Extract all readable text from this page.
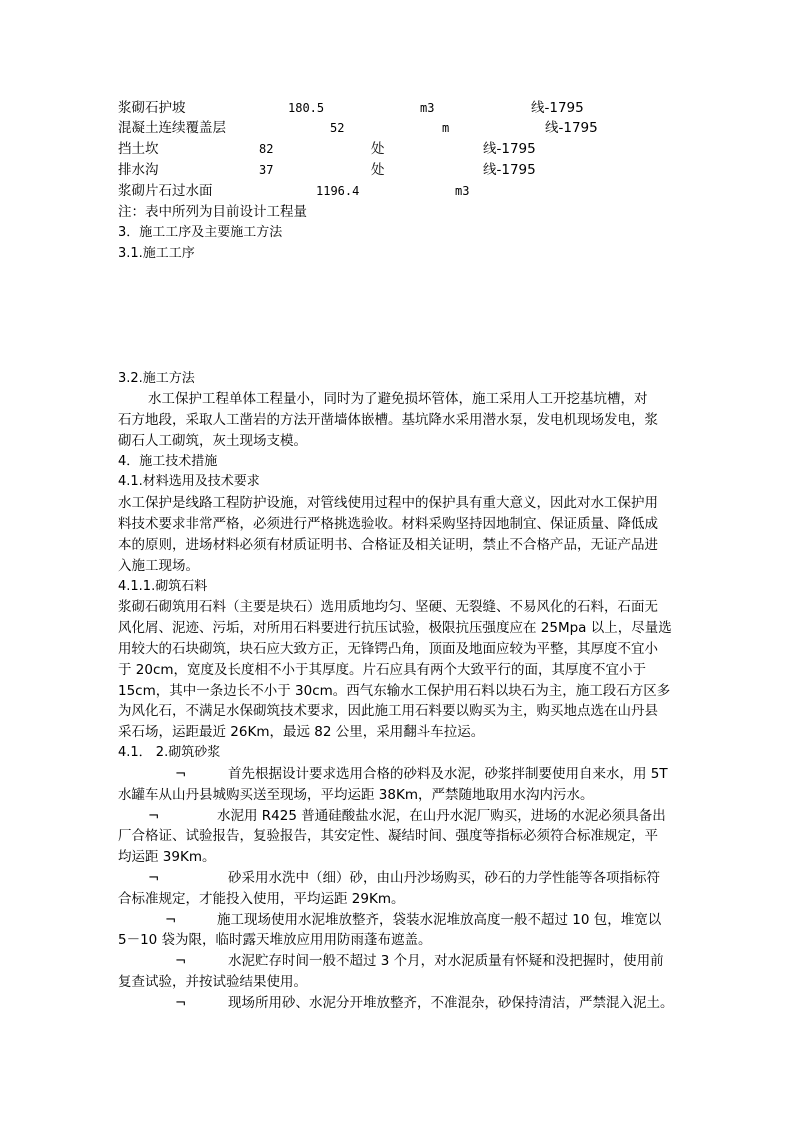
浆砌石护坡	180.5	m3	线-1795
混凝土连续覆盖层	52	m	线-1795
挡土坎	82	处	线-1795
排水沟	37	处	线-1795
浆砌片石过水面	1196.4	m3
注：表中所列为目前设计工程量
3．施工工序及主要施工方法
3.1.施工工序
3.2.施工方法
水工保护工程单体工程量小，同时为了避免损坏管体，施工采用人工开挖基坑槽，对
石方地段，采取人工凿岩的方法开凿墙体嵌槽。基坑降水采用潜水泵，发电机现场发电，浆
砌石人工砌筑，灰土现场支模。
4．施工技术措施
4.1.材料选用及技术要求
水工保护是线路工程防护设施，对管线使用过程中的保护具有重大意义，因此对水工保护用
料技术要求非常严格，必须进行严格挑选验收。材料采购坚持因地制宜、保证质量、降低成
本的原则，进场材料必须有材质证明书、合格证及相关证明，禁止不合格产品，无证产品进
入施工现场。
4.1.1.砌筑石料
浆砌石砌筑用石料（主要是块石）选用质地均匀、坚硬、无裂缝、不易风化的石料，石面无
风化屑、泥迹、污垢，对所用石料要进行抗压试验，极限抗压强度应在 25Mpa 以上，尽量选
用较大的石块砌筑，块石应大致方正，无锋锷凸角，顶面及地面应较为平整，其厚度不宜小
于 20cm，宽度及长度相不小于其厚度。片石应具有两个大致平行的面，其厚度不宜小于
15cm，其中一条边长不小于 30cm。西气东输水工保护用石料以块石为主，施工段石方区多
为风化石，不满足水保砌筑技术要求，因此施工用石料要以购买为主，购买地点选在山丹县
采石场，运距最近 26Km，最远 82 公里，采用翻斗车拉运。
4.1． 2.砌筑砂浆
¬	首先根据设计要求选用合格的砂料及水泥，砂浆拌制要使用自来水，用 5T
水罐车从山丹县城购买送至现场，平均运距 38Km，严禁随地取用水沟内污水。
¬	水泥用 R425 普通硅酸盐水泥，在山丹水泥厂购买，进场的水泥必须具备出
厂合格证、试验报告，复验报告，其安定性、凝结时间、强度等指标必须符合标准规定，平
均运距 39Km。
¬	砂采用水洗中（细）砂，由山丹沙场购买，砂石的力学性能等各项指标符
合标准规定，才能投入使用，平均运距 29Km。
¬	施工现场使用水泥堆放整齐，袋装水泥堆放高度一般不超过 10 包，堆宽以
5－10 袋为限，临时露天堆放应用用防雨蓬布遮盖。
¬	水泥贮存时间一般不超过 3 个月，对水泥质量有怀疑和没把握时，使用前
复查试验，并按试验结果使用。
¬	现场所用砂、水泥分开堆放整齐，不准混杂，砂保持清洁，严禁混入泥土。
